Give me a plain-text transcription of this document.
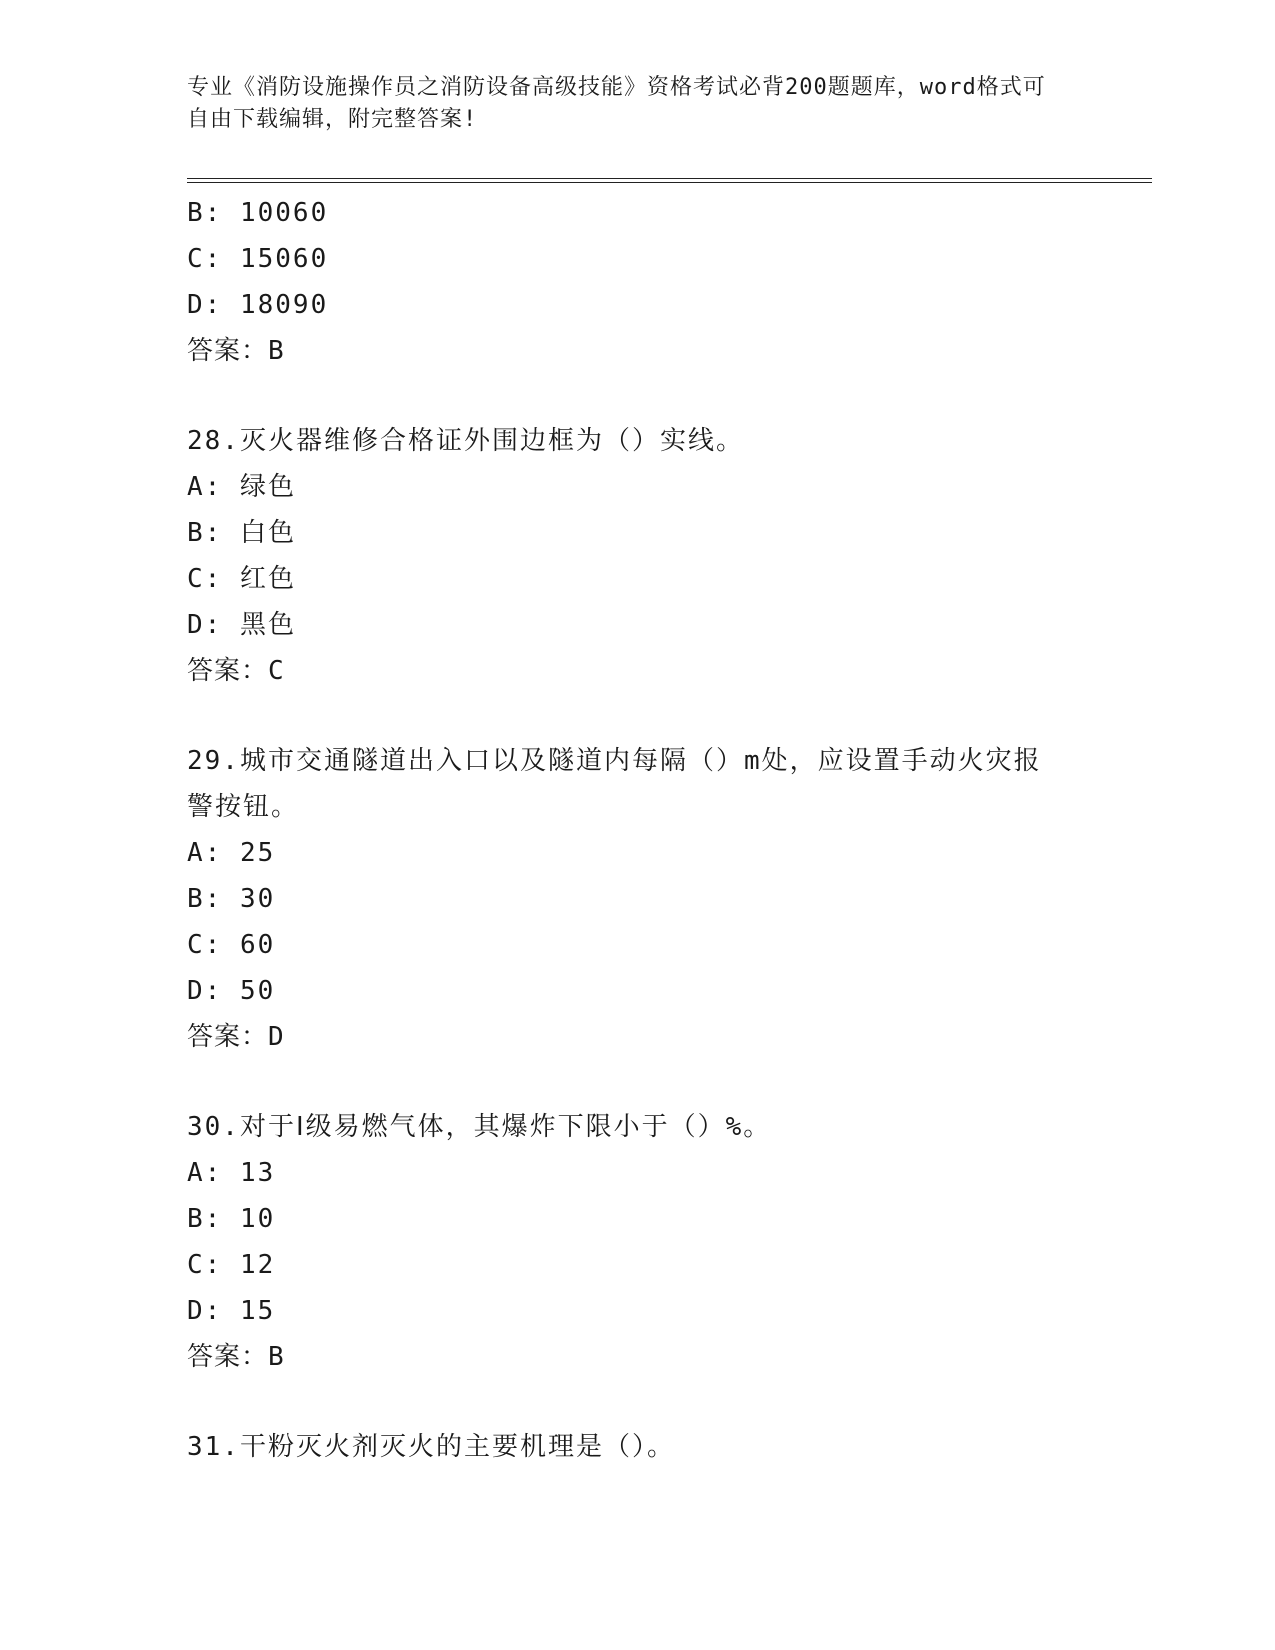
专业《消防设施操作员之消防设备高级技能》资格考试必背200题题库，word格式可自由下载编辑，附完整答案!
B: 10060
C: 15060
D: 18090
答案：B
28.灭火器维修合格证外围边框为（）实线。
A: 绿色
B: 白色
C: 红色
D: 黑色
答案：C
29.城市交通隧道出入口以及隧道内每隔（）m处，应设置手动火灾报警按钮。
A: 25
B: 30
C: 60
D: 50
答案：D
30.对于Ⅰ级易燃气体，其爆炸下限小于（）%。
A: 13
B: 10
C: 12
D: 15
答案：B
31.干粉灭火剂灭火的主要机理是（）。
